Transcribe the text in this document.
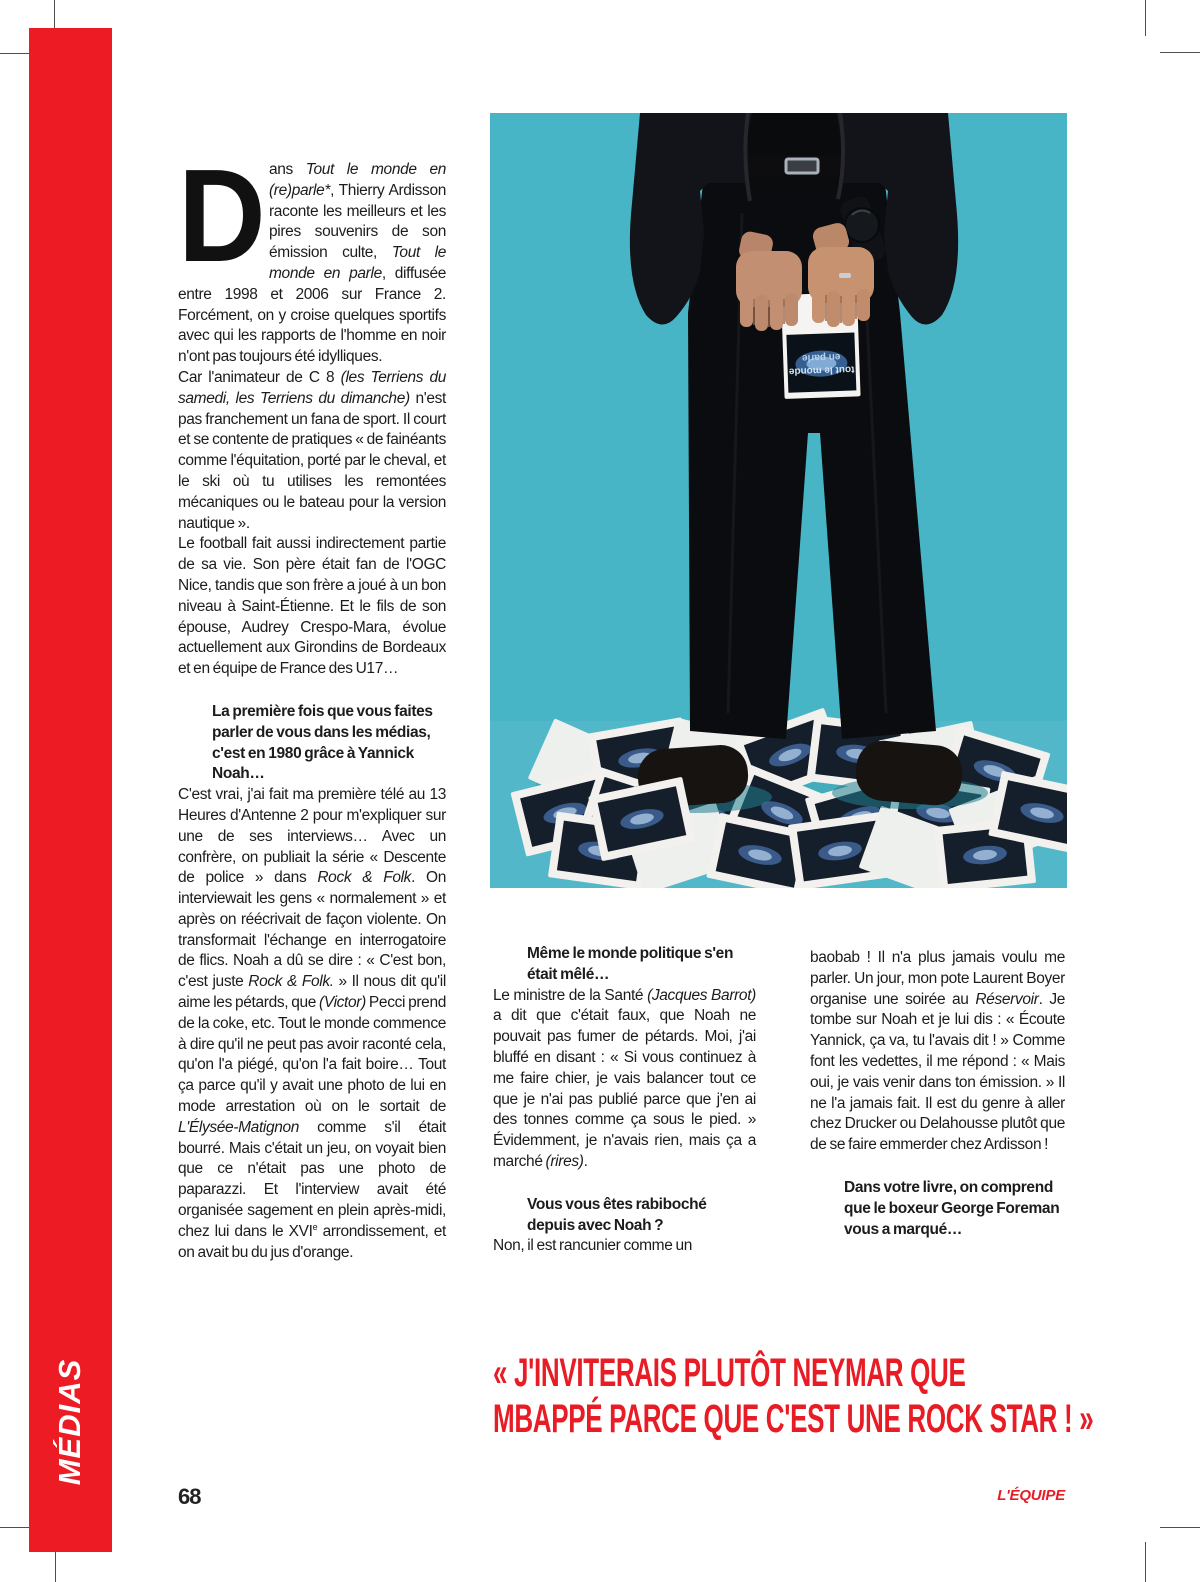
MÉDIAS
tout le monde
en parle
Dans Tout le monde en (re)parle*, Thierry Ardisson raconte les meilleurs et les pires souvenirs de son émission culte, Tout le monde en parle, diffusée entre 1998 et 2006 sur France 2. Forcément, on y croise quelques sportifs avec qui les rapports de l'homme en noir n'ont pas toujours été idylliques.
Car l'animateur de C 8 (les Terriens du samedi, les Terriens du dimanche) n'est pas franchement un fana de sport. Il court et se contente de pratiques « de fainéants comme l'équitation, porté par le cheval, et le ski où tu utilises les remontées mécaniques ou le bateau pour la version nautique ».
Le football fait aussi indirectement partie de sa vie. Son père était fan de l'OGC Nice, tandis que son frère a joué à un bon niveau à Saint-Étienne. Et le fils de son épouse, Audrey Crespo-Mara, évolue actuellement aux Girondins de Bordeaux et en équipe de France des U17…
La première fois que vous faites parler de vous dans les médias, c'est en 1980 grâce à Yannick Noah…
C'est vrai, j'ai fait ma première télé au 13 Heures d'Antenne 2 pour m'expliquer sur une de ses interviews… Avec un confrère, on publiait la série « Descente de police » dans Rock & Folk. On interviewait les gens « normalement » et après on réécrivait de façon violente. On transformait l'échange en interrogatoire de flics. Noah a dû se dire : « C'est bon, c'est juste Rock & Folk. » Il nous dit qu'il aime les pétards, que (Victor) Pecci prend de la coke, etc. Tout le monde commence à dire qu'il ne peut pas avoir raconté cela, qu'on l'a piégé, qu'on l'a fait boire… Tout ça parce qu'il y avait une photo de lui en mode arrestation où on le sortait de L'Élysée-Matignon comme s'il était bourré. Mais c'était un jeu, on voyait bien que ce n'était pas une photo de paparazzi. Et l'interview avait été organisée sagement en plein après-midi, chez lui dans le XVIe arrondissement, et on avait bu du jus d'orange.
Même le monde politique s'en était mêlé…
Le ministre de la Santé (Jacques Barrot) a dit que c'était faux, que Noah ne pouvait pas fumer de pétards. Moi, j'ai bluffé en disant : « Si vous continuez à me faire chier, je vais balancer tout ce que je n'ai pas publié parce que j'en ai des tonnes comme ça sous le pied. » Évidemment, je n'avais rien, mais ça a marché (rires).
Vous vous êtes rabiboché depuis avec Noah ?
Non, il est rancunier comme un
baobab ! Il n'a plus jamais voulu me parler. Un jour, mon pote Laurent Boyer organise une soirée au Réservoir. Je tombe sur Noah et je lui dis : « Écoute Yannick, ça va, tu l'avais dit ! » Comme font les vedettes, il me répond : « Mais oui, je vais venir dans ton émission. » Il ne l'a jamais fait. Il est du genre à aller chez Drucker ou Delahousse plutôt que de se faire emmerder chez Ardisson !
Dans votre livre, on comprend que le boxeur George Foreman vous a marqué…
« J'INVITERAIS PLUTÔT NEYMAR QUE
MBAPPÉ PARCE QUE C'EST UNE ROCK STAR ! »
68	L'ÉQUIPE
